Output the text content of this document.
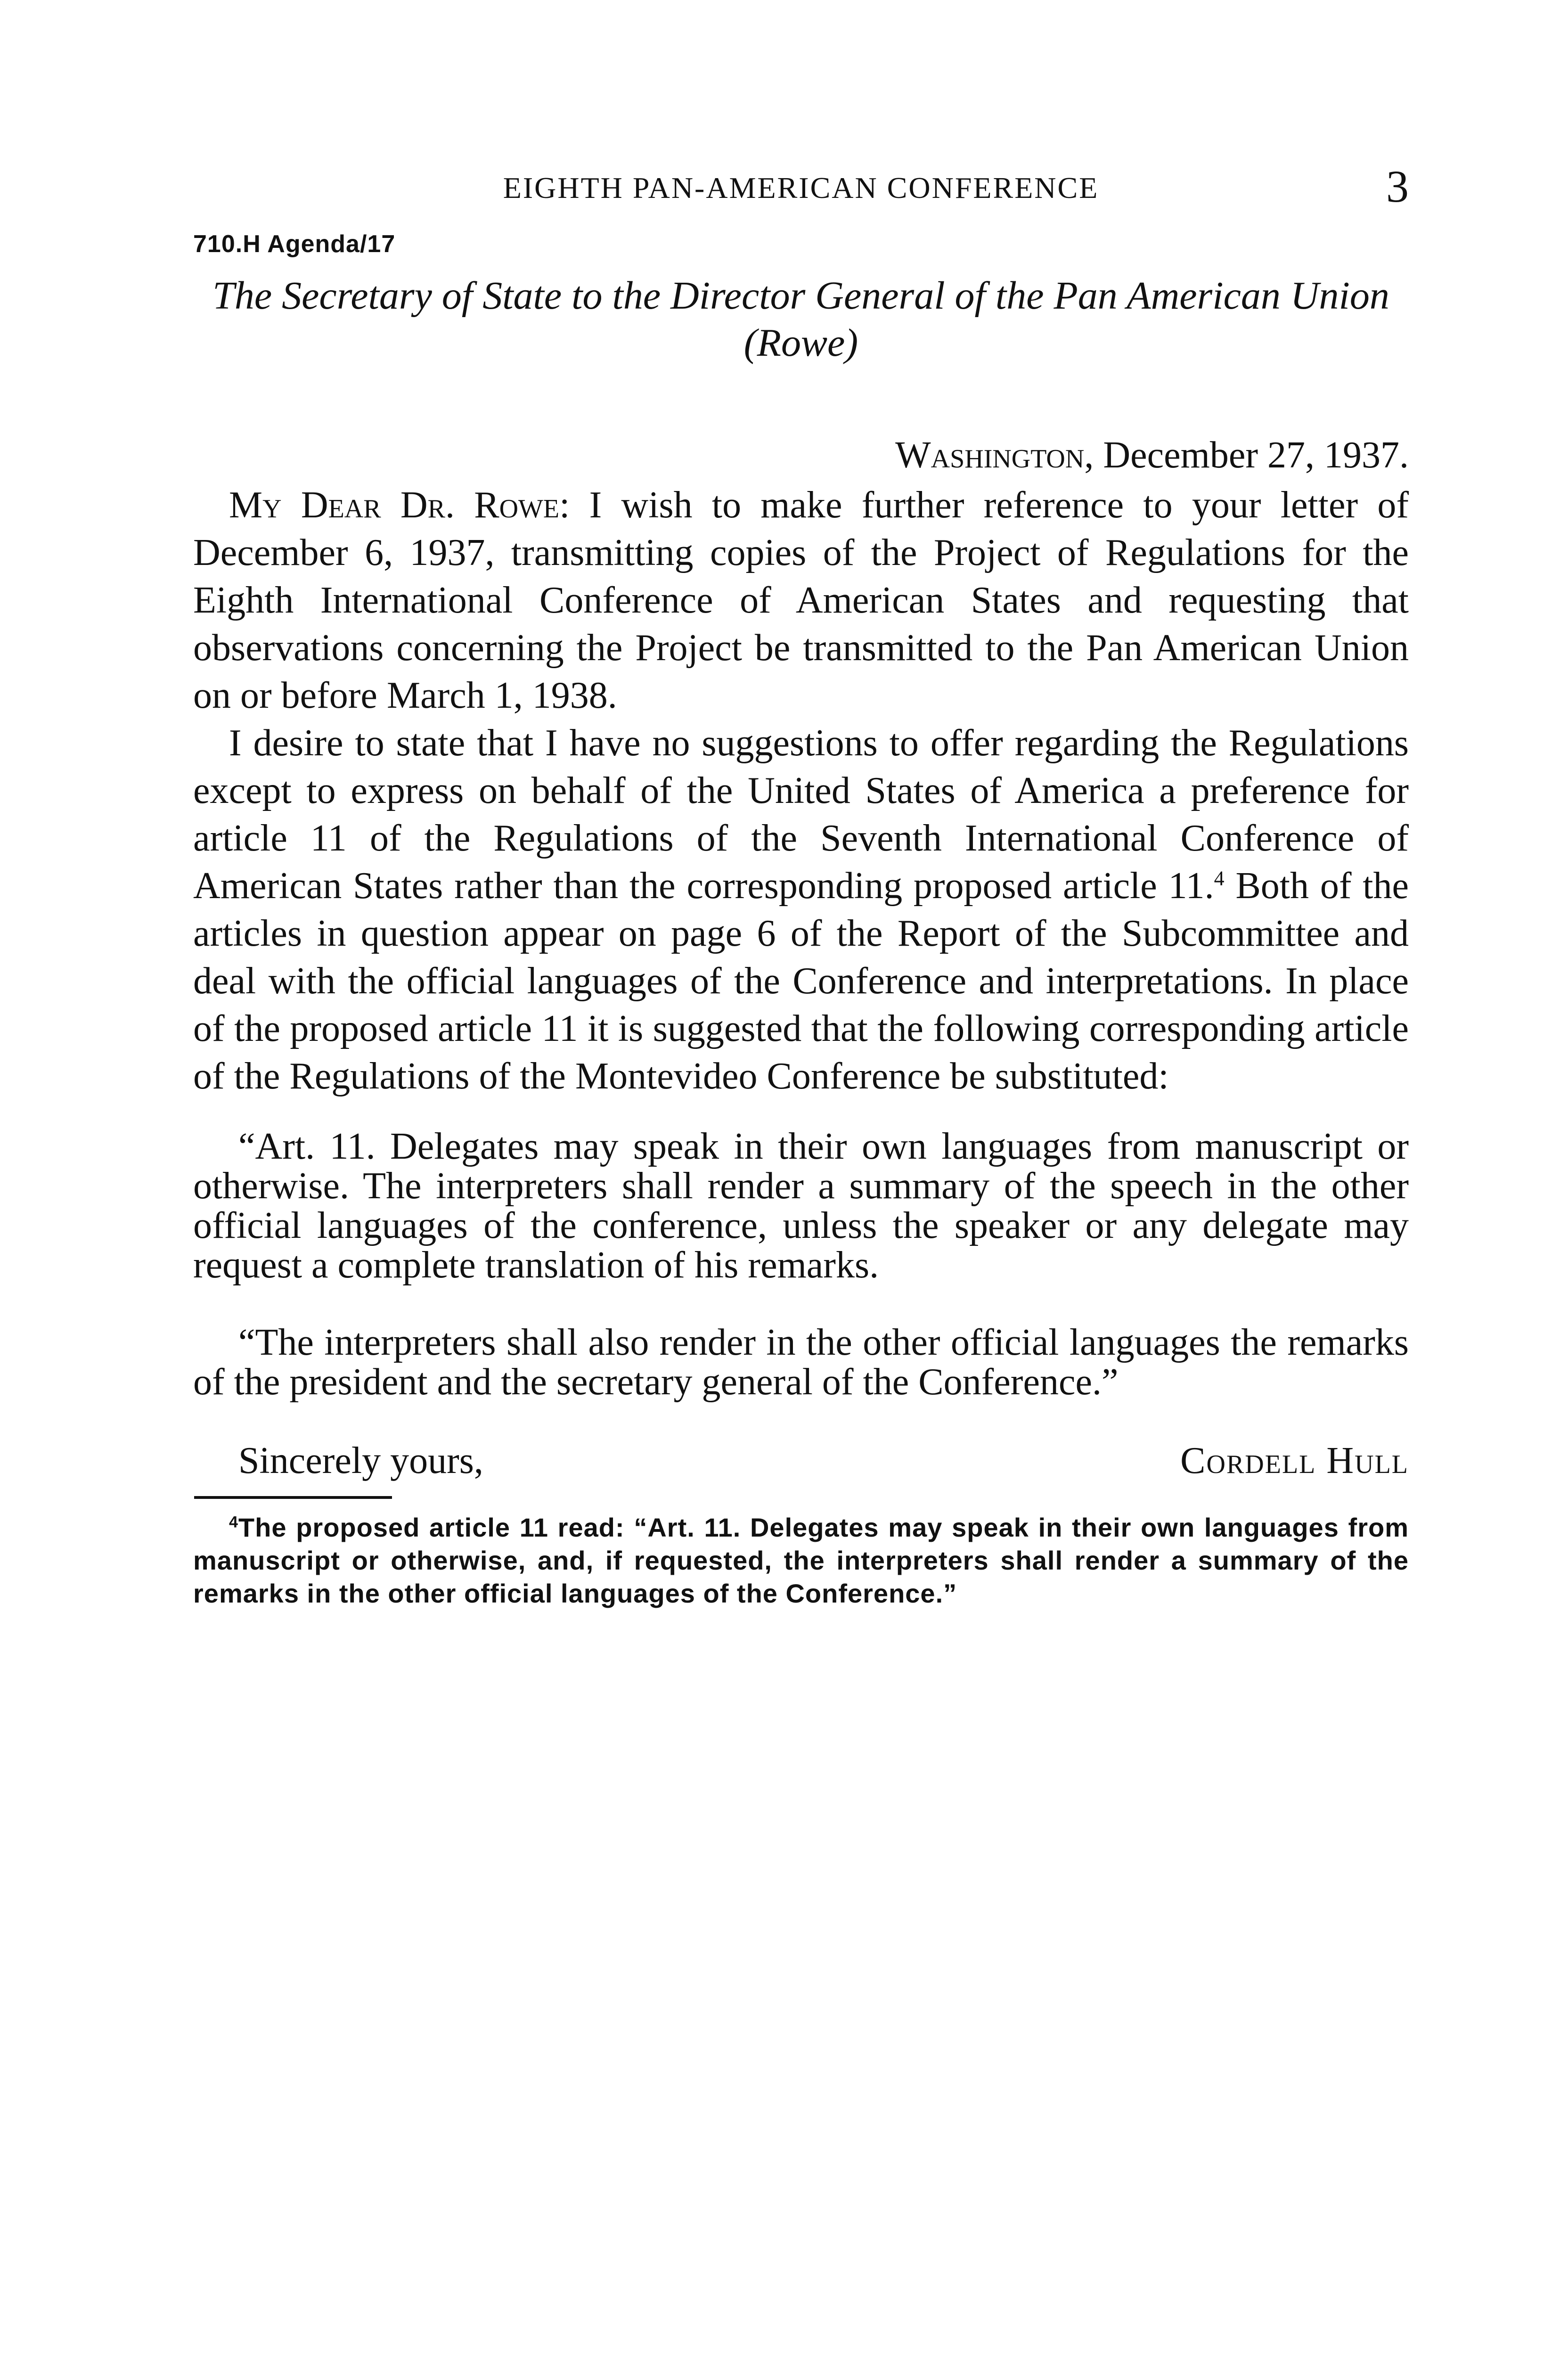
EIGHTH PAN-AMERICAN CONFERENCE	3
710.H Agenda/17
The Secretary of State to the Director General of the Pan American Union (Rowe)
Washington, December 27, 1937.

My Dear Dr. Rowe: I wish to make further reference to your letter of December 6, 1937, transmitting copies of the Project of Regulations for the Eighth International Conference of American States and requesting that observations concerning the Project be transmitted to the Pan American Union on or before March 1, 1938.

I desire to state that I have no suggestions to offer regarding the Regulations except to express on behalf of the United States of America a preference for article 11 of the Regulations of the Seventh International Conference of American States rather than the corresponding proposed article 11.$^4$ Both of the articles in question appear on page 6 of the Report of the Subcommittee and deal with the official languages of the Conference and interpretations. In place of the proposed article 11 it is suggested that the following corresponding article of the Regulations of the Montevideo Conference be substituted:

“Art. 11. Delegates may speak in their own languages from manuscript or otherwise. The interpreters shall render a summary of the speech in the other official languages of the conference, unless the speaker or any delegate may request a complete translation of his remarks.

“The interpreters shall also render in the other official languages the remarks of the president and the secretary general of the Conference.”

Sincerely yours,	Cordell Hull

$^4$The proposed article 11 read: “Art. 11. Delegates may speak in their own languages from manuscript or otherwise, and, if requested, the interpreters shall render a summary of the remarks in the other official languages of the Conference.”
